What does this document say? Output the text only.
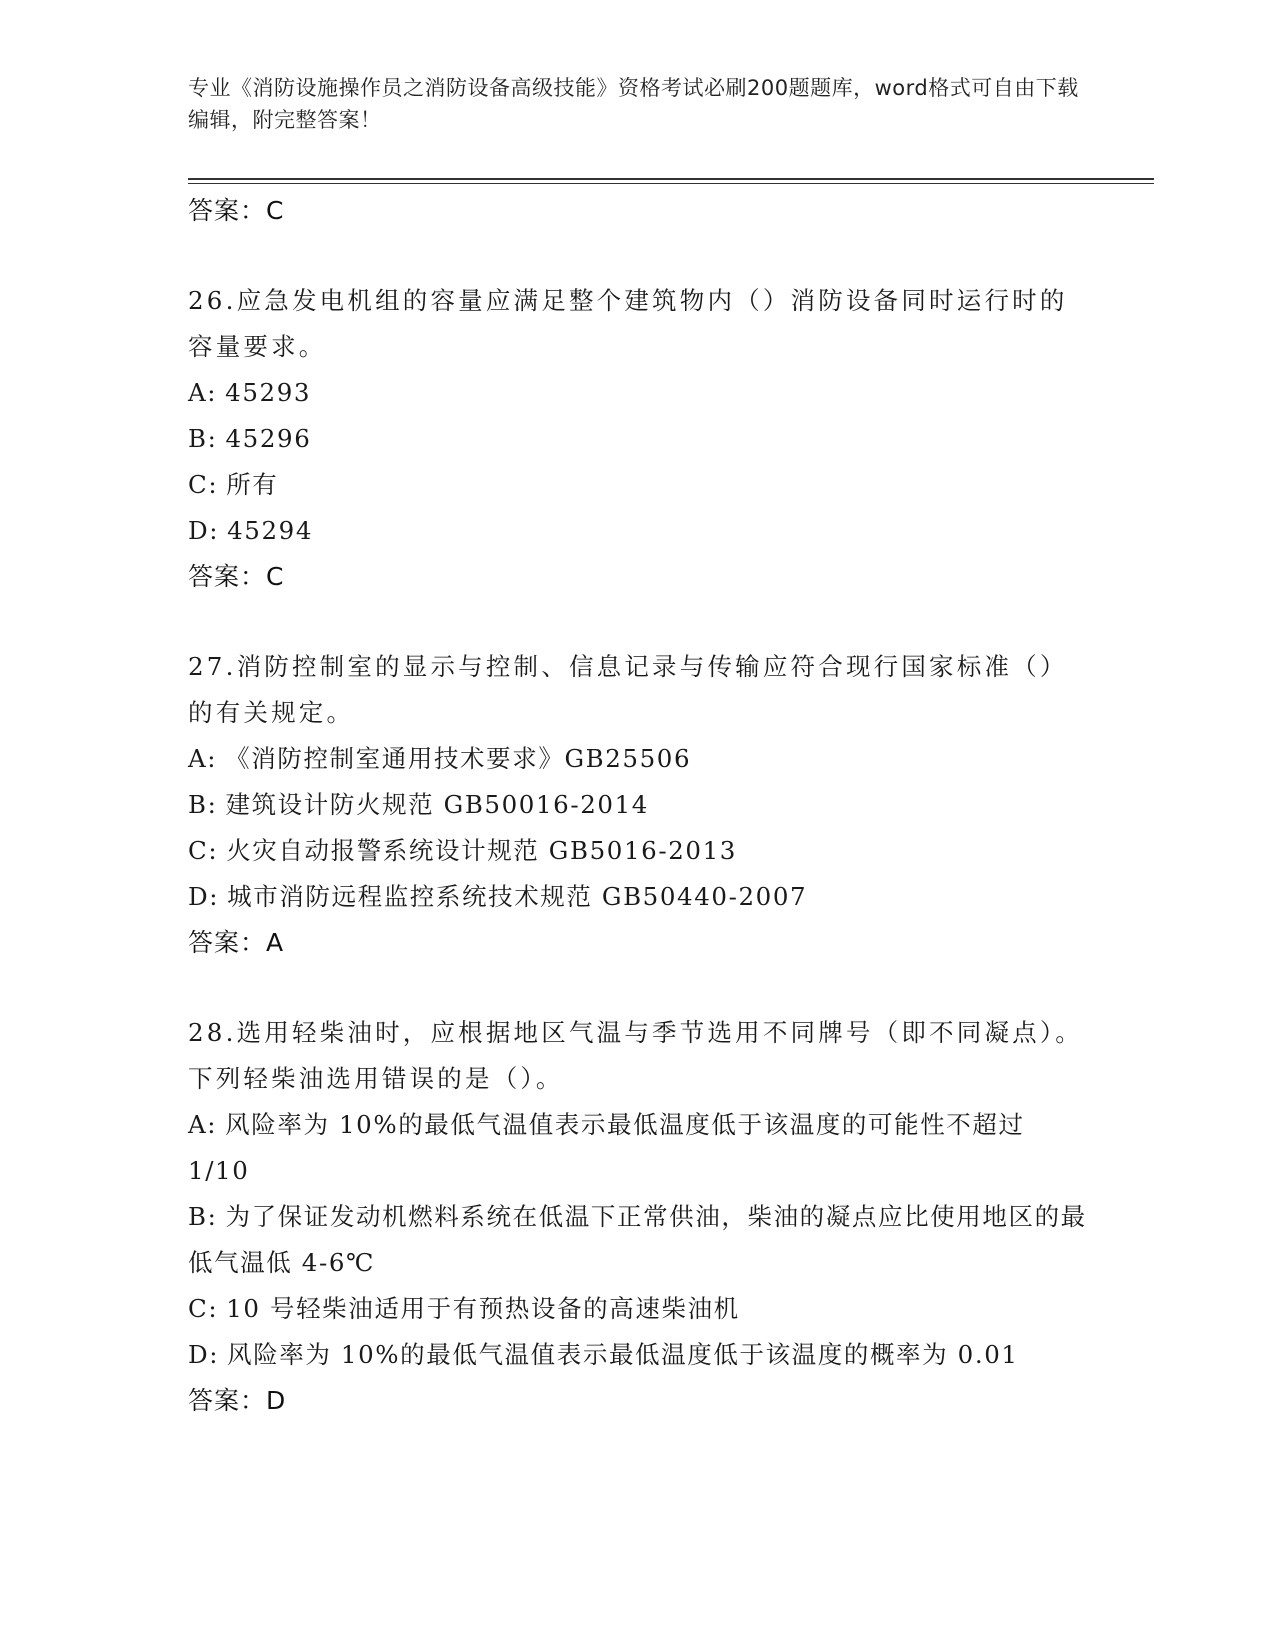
专业《消防设施操作员之消防设备高级技能》资格考试必刷200题题库，word格式可自由下载编辑，附完整答案！
答案：C
26.应急发电机组的容量应满足整个建筑物内（）消防设备同时运行时的容量要求。
A: 45293
B: 45296
C: 所有
D: 45294
答案：C
27.消防控制室的显示与控制、信息记录与传输应符合现行国家标准（）的有关规定。
A: 《消防控制室通用技术要求》GB25506
B: 建筑设计防火规范 GB50016-2014
C: 火灾自动报警系统设计规范 GB5016-2013
D: 城市消防远程监控系统技术规范 GB50440-2007
答案：A
28.选用轻柴油时，应根据地区气温与季节选用不同牌号（即不同凝点）。下列轻柴油选用错误的是（）。
A: 风险率为 10%的最低气温值表示最低温度低于该温度的可能性不超过 1/10
B: 为了保证发动机燃料系统在低温下正常供油，柴油的凝点应比使用地区的最低气温低 4-6℃
C: 10 号轻柴油适用于有预热设备的高速柴油机
D: 风险率为 10%的最低气温值表示最低温度低于该温度的概率为 0.01
答案：D
